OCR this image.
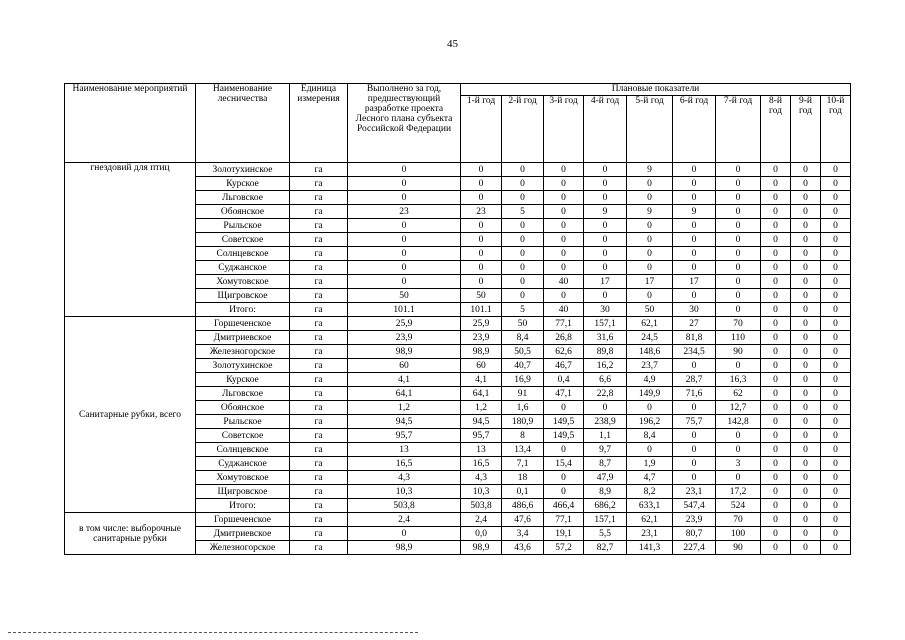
45
Наименование мероприятий	Наименование лесничества	Единица измерения	Выполнено за год, предшествующий разработке проекта Лесного плана субъекта Российской Федерации	Плановые показатели									
				1-й год	2-й год	3-й год	4-й год	5-й год	6-й год	7-й год	8-й год	9-й год	10-й год
гнездовий для птиц	Золотухинское	га	0	0	0	0	0	9	0	0	0	0	0
	Курское	га	0	0	0	0	0	0	0	0	0	0	0
	Льговское	га	0	0	0	0	0	0	0	0	0	0	0
	Обоянское	га	23	23	5	0	9	9	9	0	0	0	0
	Рыльское	га	0	0	0	0	0	0	0	0	0	0	0
	Советское	га	0	0	0	0	0	0	0	0	0	0	0
	Солнцевское	га	0	0	0	0	0	0	0	0	0	0	0
	Суджанское	га	0	0	0	0	0	0	0	0	0	0	0
	Хомутовское	га	0	0	0	40	17	17	17	0	0	0	0
	Щигровское	га	50	50	0	0	0	0	0	0	0	0	0
	Итого:	га	101.1	101.1	5	40	30	50	30	0	0	0	0
Санитарные рубки, всего	Горшеченское	га	25,9	25,9	50	77,1	157,1	62,1	27	70	0	0	0
	Дмитриевское	га	23,9	23,9	8,4	26,8	31,6	24,5	81,8	110	0	0	0
	Железногорское	га	98,9	98,9	50,5	62,6	89,8	148,6	234,5	90	0	0	0
	Золотухинское	га	60	60	40,7	46,7	16,2	23,7	0	0	0	0	0
	Курское	га	4,1	4,1	16,9	0,4	6,6	4,9	28,7	16,3	0	0	0
	Льговское	га	64,1	64,1	91	47,1	22,8	149,9	71,6	62	0	0	0
	Обоянское	га	1,2	1,2	1,6	0	0	0	0	12,7	0	0	0
	Рыльское	га	94,5	94,5	180,9	149,5	238,9	196,2	75,7	142,8	0	0	0
	Советское	га	95,7	95,7	8	149,5	1,1	8,4	0	0	0	0	0
	Солнцевское	га	13	13	13,4	0	9,7	0	0	0	0	0	0
	Суджанское	га	16,5	16,5	7,1	15,4	8,7	1,9	0	3	0	0	0
	Хомутовское	га	4,3	4,3	18	0	47,9	4,7	0	0	0	0	0
	Щигровское	га	10,3	10,3	0,1	0	8,9	8,2	23,1	17,2	0	0	0
	Итого:	га	503,8	503,8	486,6	466,4	686,2	633,1	547,4	524	0	0	0
в том числе: выборочные санитарные рубки	Горшеченское	га	2,4	2,4	47,6	77,1	157,1	62,1	23,9	70	0	0	0
	Дмитриевское	га	0	0,0	3,4	19,1	5,5	23,1	80,7	100	0	0	0
	Железногорское	га	98,9	98,9	43,6	57,2	82,7	141,3	227,4	90	0	0	0
